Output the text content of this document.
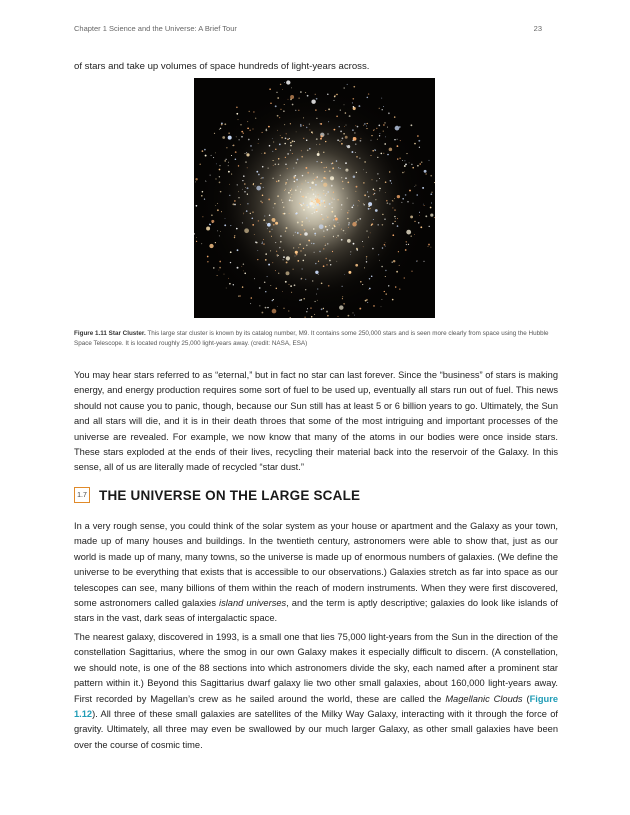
Chapter 1 Science and the Universe: A Brief Tour	23
of stars and take up volumes of space hundreds of light-years across.
Figure 1.11 Star Cluster. This large star cluster is known by its catalog number, M9. It contains some 250,000 stars and is seen more clearly from space using the Hubble Space Telescope. It is located roughly 25,000 light-years away. (credit: NASA, ESA)

You may hear stars referred to as “eternal,” but in fact no star can last forever. Since the “business” of stars is making energy, and energy production requires some sort of fuel to be used up, eventually all stars run out of fuel. This news should not cause you to panic, though, because our Sun still has at least 5 or 6 billion years to go. Ultimately, the Sun and all stars will die, and it is in their death throes that some of the most intriguing and important processes of the universe are revealed. For example, we now know that many of the atoms in our bodies were once inside stars. These stars exploded at the ends of their lives, recycling their material back into the reservoir of the Galaxy. In this sense, all of us are literally made of recycled “star dust.”

1.7 THE UNIVERSE ON THE LARGE SCALE

In a very rough sense, you could think of the solar system as your house or apartment and the Galaxy as your town, made up of many houses and buildings. In the twentieth century, astronomers were able to show that, just as our world is made up of many, many towns, so the universe is made up of enormous numbers of galaxies. (We define the universe to be everything that exists that is accessible to our observations.) Galaxies stretch as far into space as our telescopes can see, many billions of them within the reach of modern instruments. When they were first discovered, some astronomers called galaxies island universes, and the term is aptly descriptive; galaxies do look like islands of stars in the vast, dark seas of intergalactic space.

The nearest galaxy, discovered in 1993, is a small one that lies 75,000 light-years from the Sun in the direction of the constellation Sagittarius, where the smog in our own Galaxy makes it especially difficult to discern. (A constellation, we should note, is one of the 88 sections into which astronomers divide the sky, each named after a prominent star pattern within it.) Beyond this Sagittarius dwarf galaxy lie two other small galaxies, about 160,000 light-years away. First recorded by Magellan’s crew as he sailed around the world, these are called the Magellanic Clouds (Figure 1.12). All three of these small galaxies are satellites of the Milky Way Galaxy, interacting with it through the force of gravity. Ultimately, all three may even be swallowed by our much larger Galaxy, as other small galaxies have been over the course of cosmic time.
